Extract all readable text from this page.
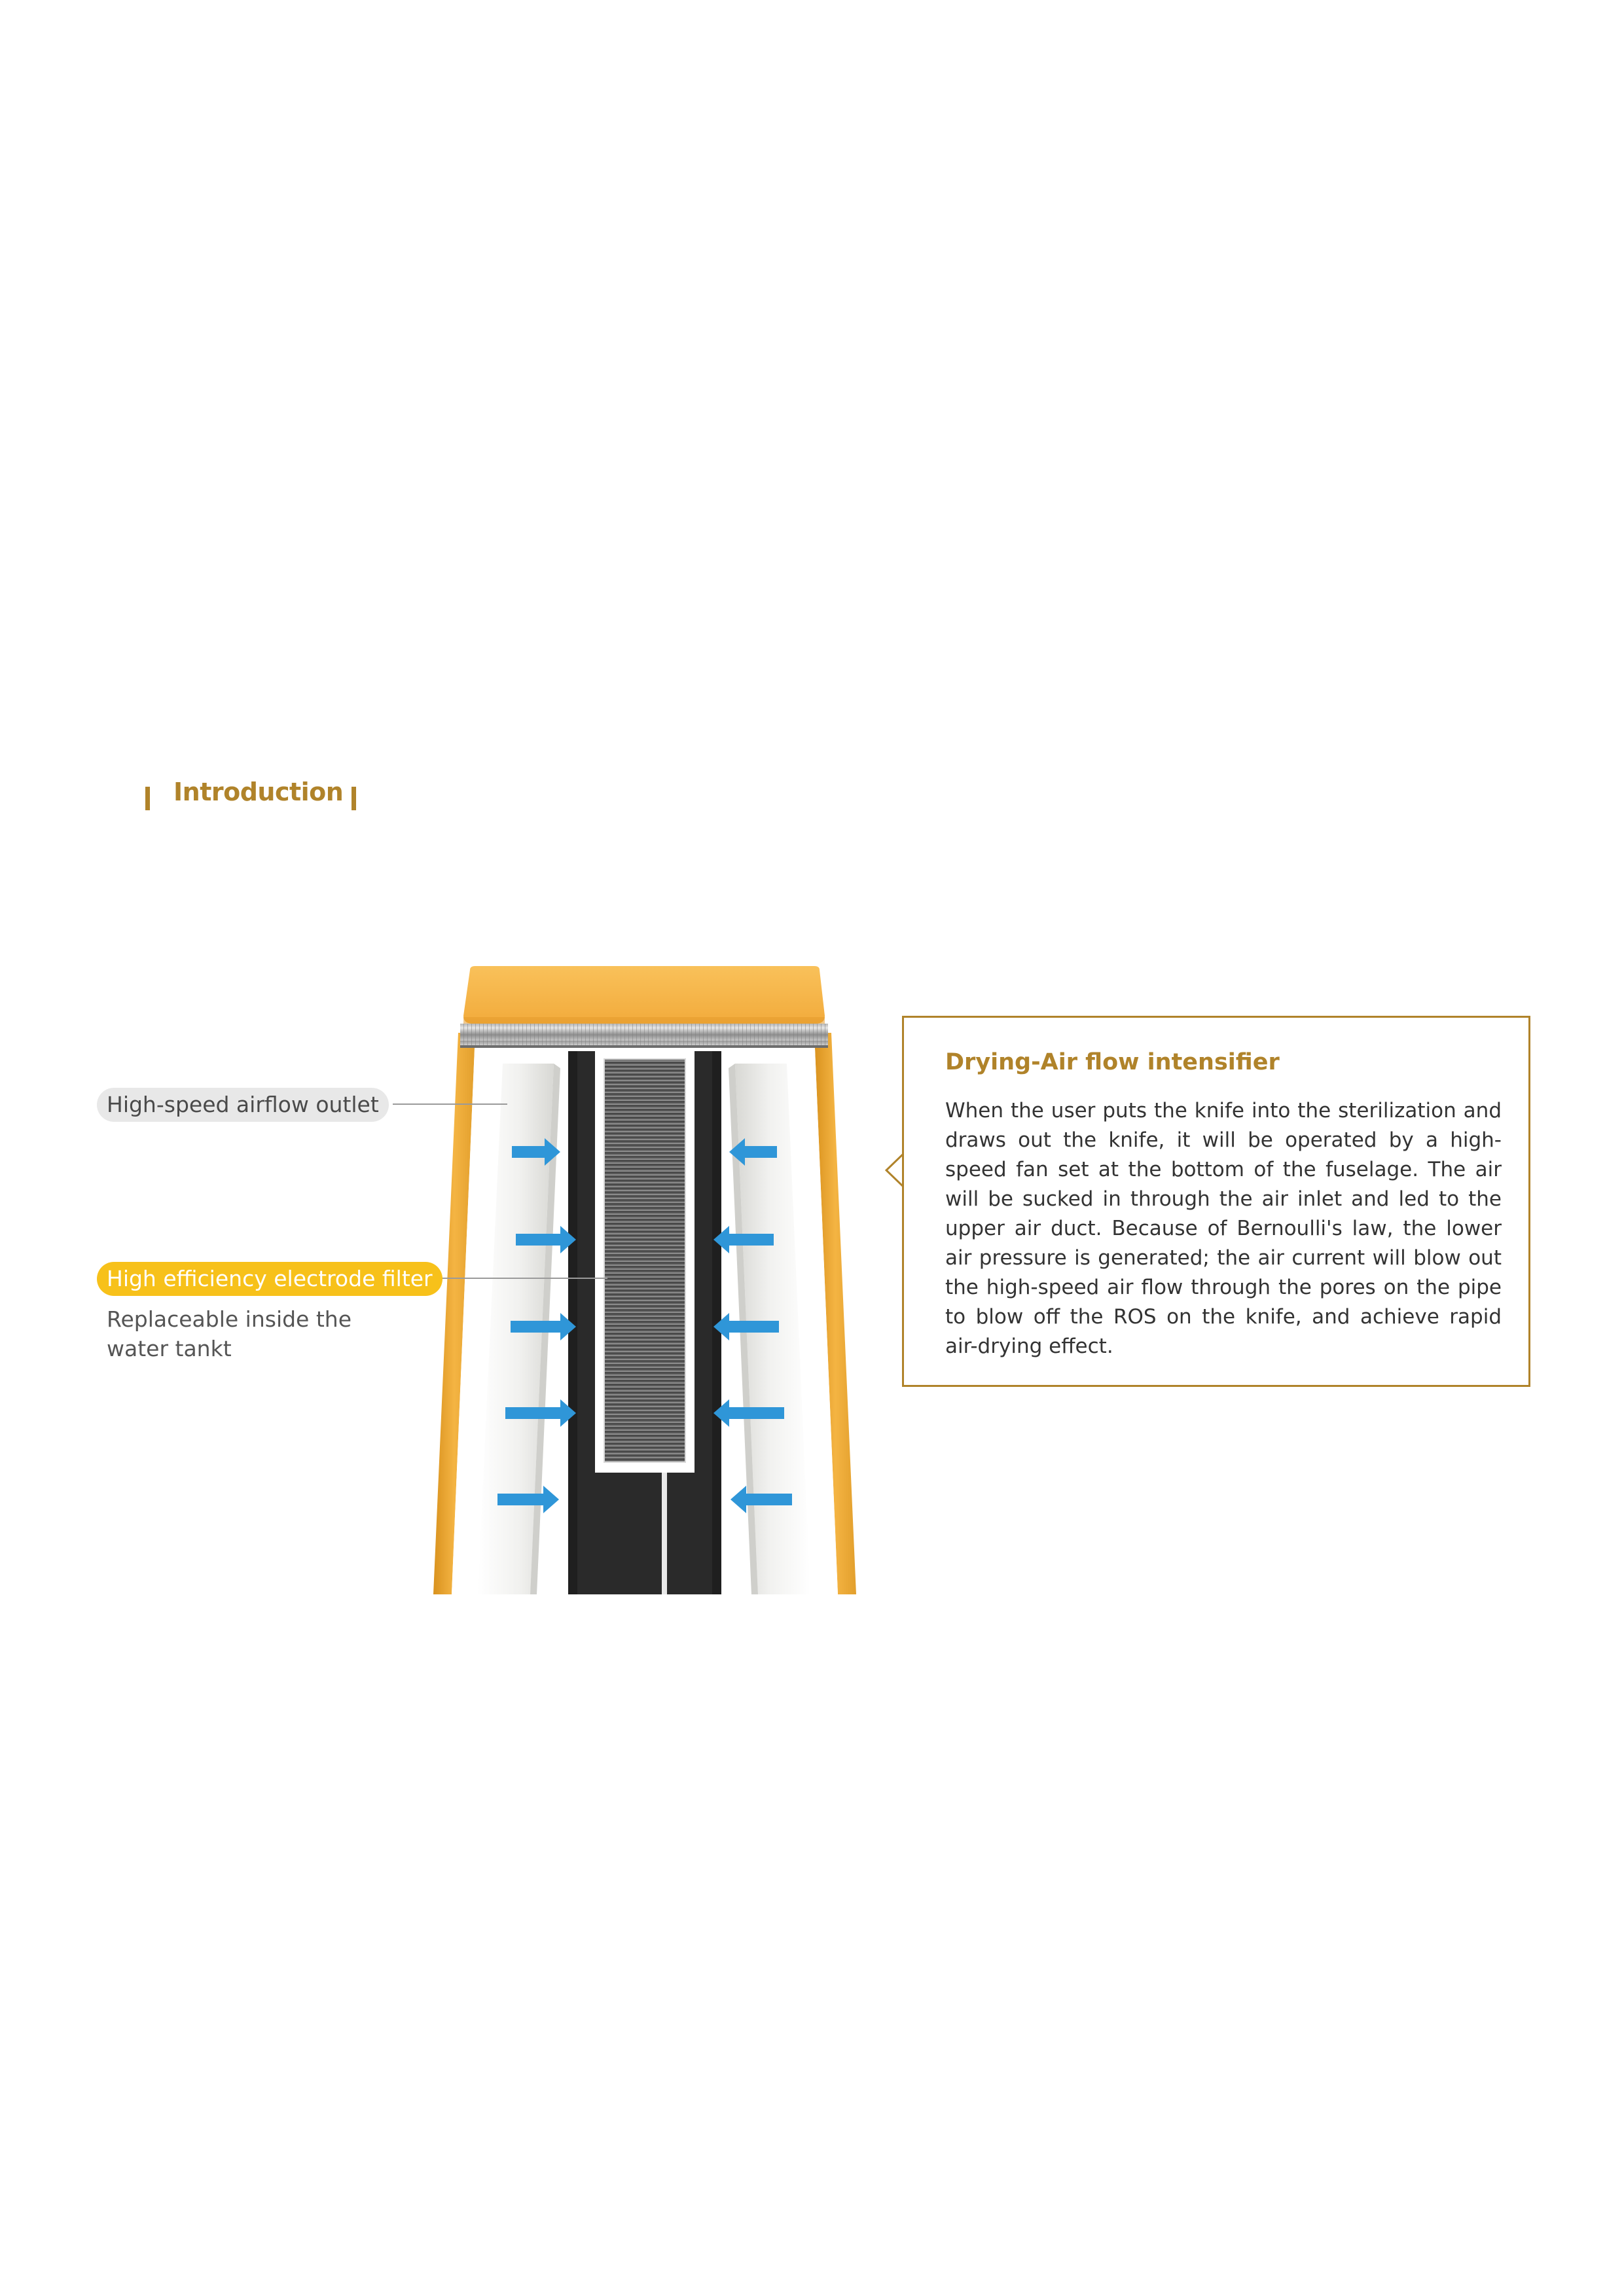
Introduction
High-speed airflow outlet
High efficiency electrode filter
Replaceable inside the water tankt
Drying-Air flow intensifier
When the user puts the knife into the sterilization and draws out the knife, it will be operated by a high-speed fan set at the bottom of the fuselage. The air will be sucked in through the air inlet and led to the upper air duct. Because of Bernoulli's law, the lower air pressure is generated; the air current will blow out the high-speed air flow through the pores on the pipe to blow off the ROS on the knife, and achieve rapid air-drying effect.
